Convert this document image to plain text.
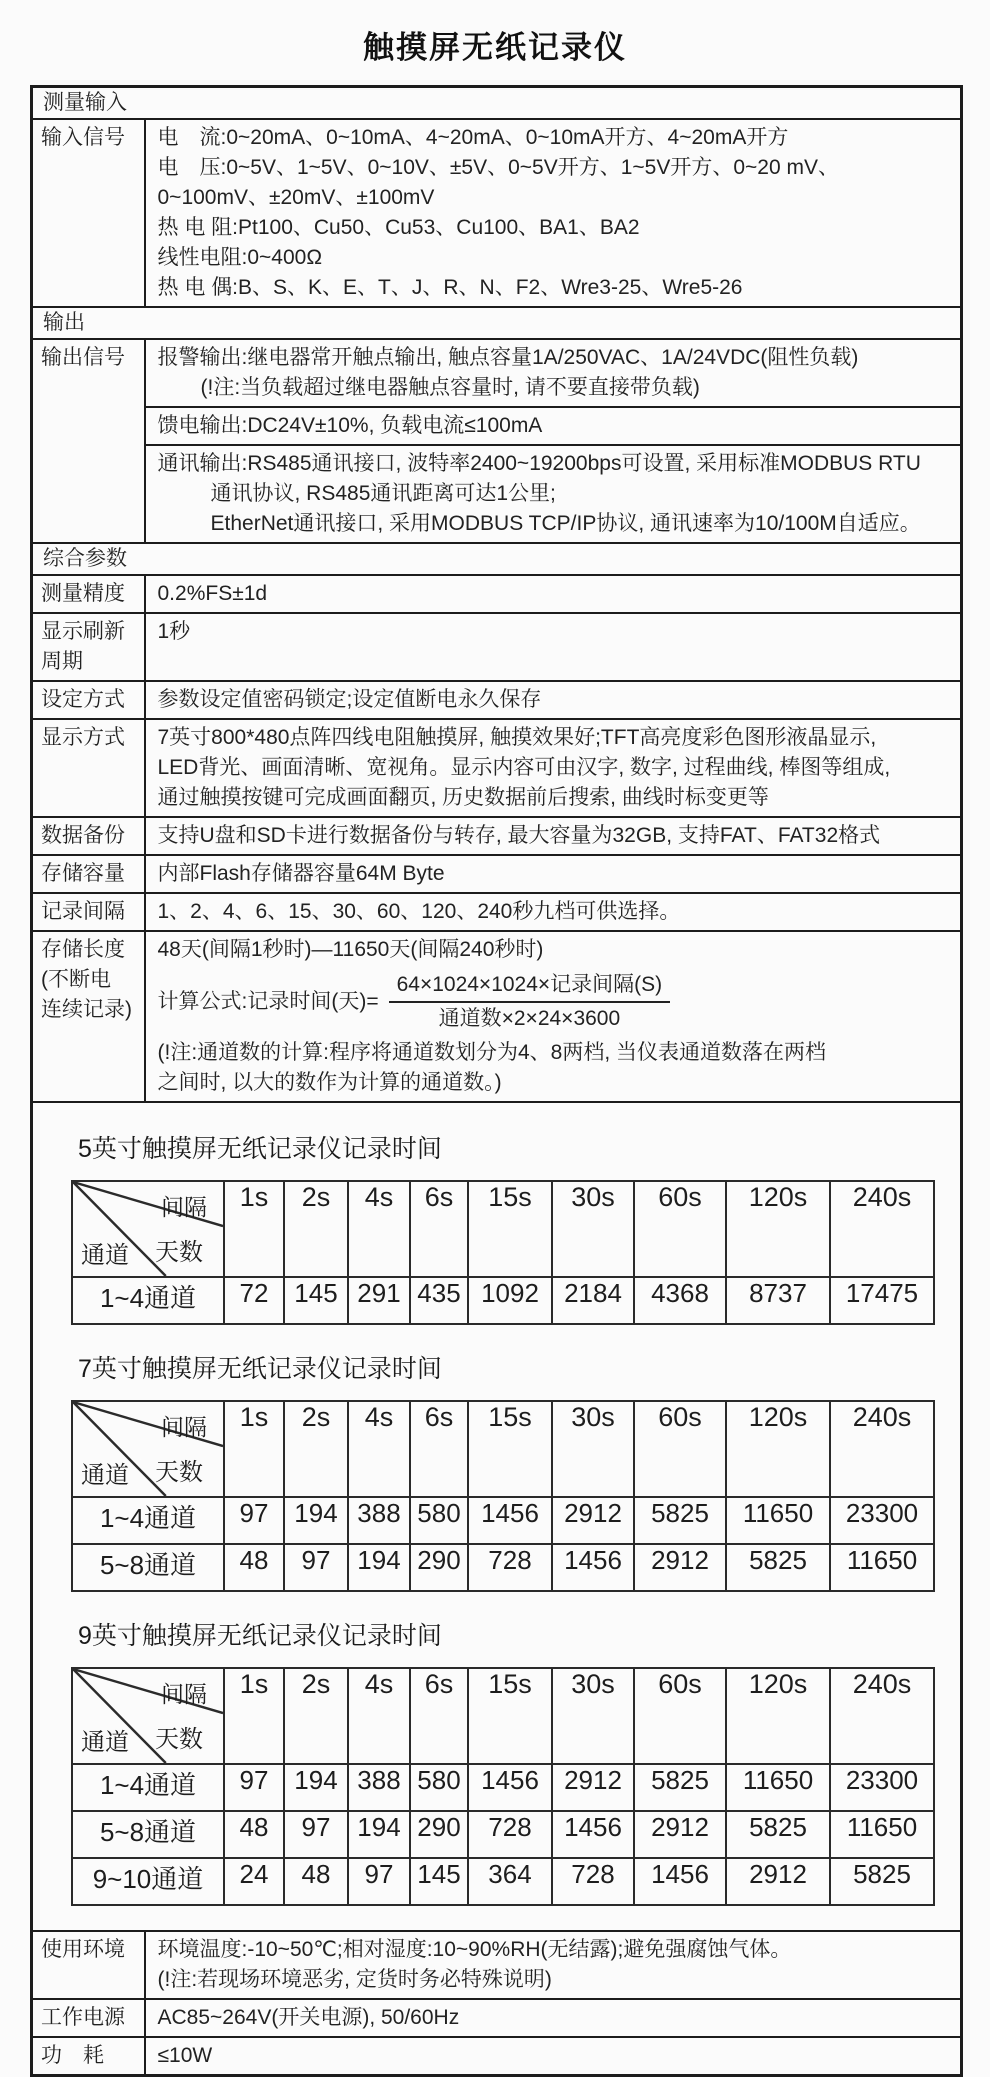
触摸屏无纸记录仪
测量输入
输入信号	电　流:0~20mA、0~10mA、4~20mA、0~10mA开方、4~20mA开方
电　压:0~5V、1~5V、0~10V、±5V、0~5V开方、1~5V开方、0~20 mV、
0~100mV、±20mV、±100mV
热 电 阻:Pt100、Cu50、Cu53、Cu100、BA1、BA2
线性电阻:0~400Ω
热 电 偶:B、S、K、E、T、J、R、N、F2、Wre3-25、Wre5-26

输出
输出信号	报警输出:继电器常开触点输出, 触点容量1A/250VAC、1A/24VDC(阻性负载)
(!注:当负载超过继电器触点容量时, 请不要直接带负载)
馈电输出:DC24V±10%, 负载电流≤100mA
通讯输出:RS485通讯接口, 波特率2400~19200bps可设置, 采用标准MODBUS RTU
通讯协议, RS485通讯距离可达1公里;
EtherNet通讯接口, 采用MODBUS TCP/IP协议, 通讯速率为10/100M自适应。

综合参数
测量精度	0.2%FS±1d

显示刷新
周期
	1秒
设定方式	参数设定值密码锁定;设定值断电永久保存
显示方式	7英寸800*480点阵四线电阻触摸屏, 触摸效果好;TFT高亮度彩色图形液晶显示,
LED背光、画面清晰、宽视角。显示内容可由汉字, 数字, 过程曲线, 棒图等组成,
通过触摸按键可完成画面翻页, 历史数据前后搜索, 曲线时标变更等

数据备份	支持U盘和SD卡进行数据备份与转存, 最大容量为32GB, 支持FAT、FAT32格式
存储容量	内部Flash存储器容量64M Byte
记录间隔	1、2、4、6、15、30、60、120、240秒九档可供选择。

存储长度
(不断电
连续记录)

48天(间隔1秒时)—11650天(间隔240秒时)
计算公式:记录时间(天)= $\frac{\text{64×1024×1024×记录间隔(S)}}{\text{通道数×2×24×3600}}$
(!注:通道数的计算:程序将通道数划分为4、8两档, 当仪表通道数落在两档
之间时, 以大的数作为计算的通道数。)

5英寸触摸屏无纸记录仪记录时间
间隔
天数
通道
	1s	2s	4s	6s	15s	30s	60s	120s	240s
1~4通道	72	145	291	435	1092	2184	4368	8737	17475
7英寸触摸屏无纸记录仪记录时间
间隔
天数
通道
	1s	2s	4s	6s	15s	30s	60s	120s	240s
1~4通道	97	194	388	580	1456	2912	5825	11650	23300
5~8通道	48	97	194	290	728	1456	2912	5825	11650
9英寸触摸屏无纸记录仪记录时间
间隔
天数
通道
	1s	2s	4s	6s	15s	30s	60s	120s	240s
1~4通道	97	194	388	580	1456	2912	5825	11650	23300
5~8通道	48	97	194	290	728	1456	2912	5825	11650
9~10通道	24	48	97	145	364	728	1456	2912	5825

使用环境	环境温度:-10~50℃;相对湿度:10~90%RH(无结露);避免强腐蚀气体。
(!注:若现场环境恶劣, 定货时务必特殊说明)

工作电源	AC85~264V(开关电源), 50/60Hz
功　耗	≤10W
